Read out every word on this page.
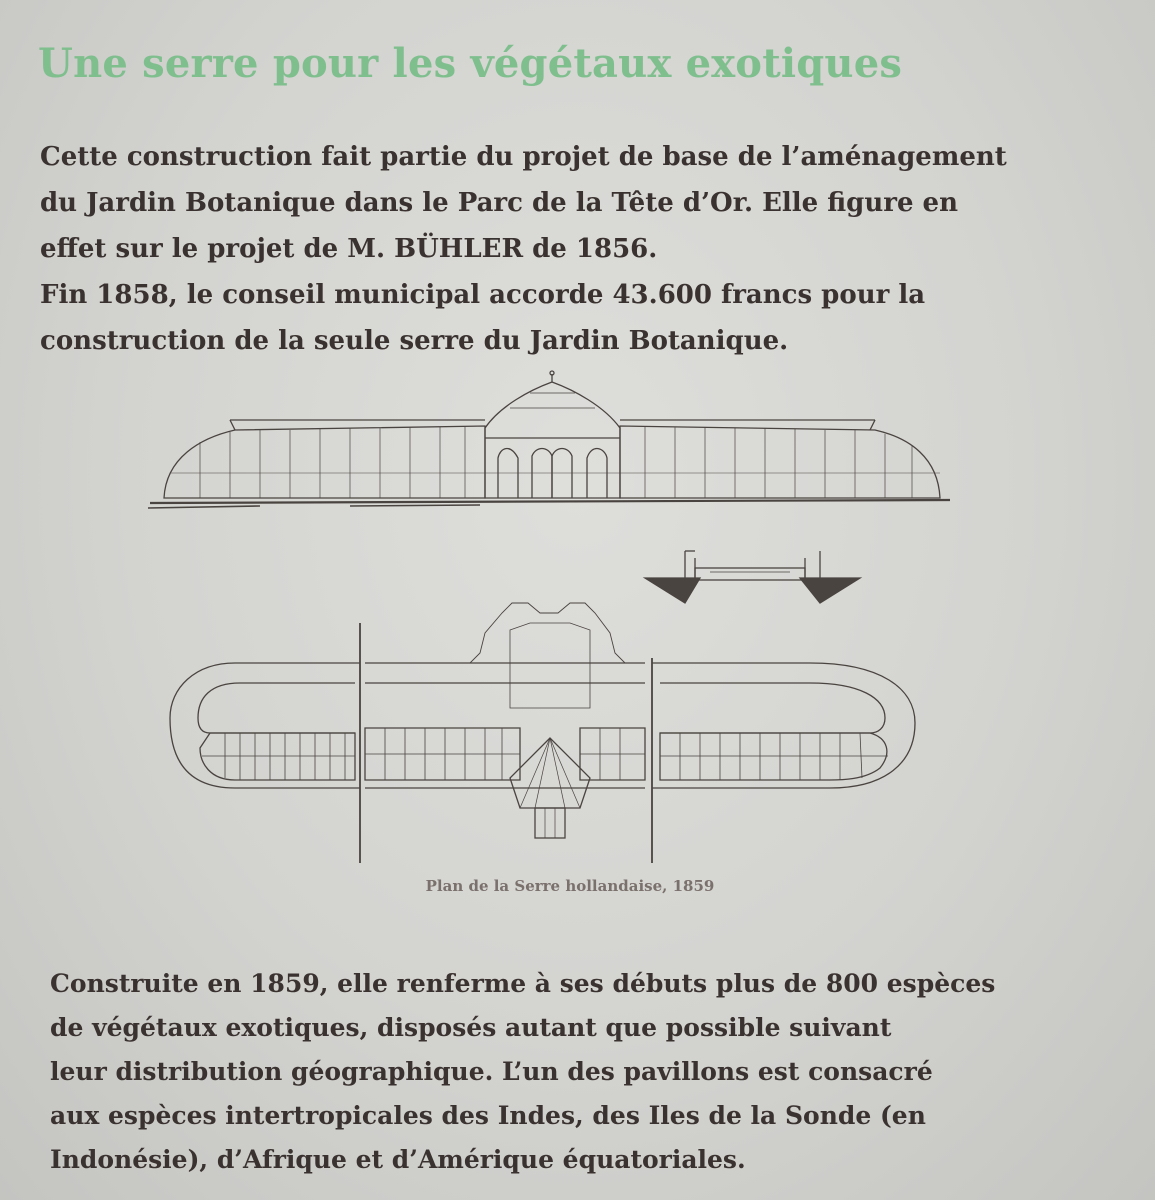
Une serre pour les végétaux exotiques

Cette construction fait partie du projet de base de l’aménagement
du Jardin Botanique dans le Parc de la Tête d’Or. Elle figure en
effet sur le projet de M. BÜHLER de 1856.
Fin 1858, le conseil municipal accorde 43.600 francs pour la
construction de la seule serre du Jardin Botanique.

Plan de la Serre hollandaise, 1859

Construite en 1859, elle renferme à ses débuts plus de 800 espèces
de végétaux exotiques, disposés autant que possible suivant
leur distribution géographique. L’un des pavillons est consacré
aux espèces intertropicales des Indes, des Iles de la Sonde (en
Indonésie), d’Afrique et d’Amérique équatoriales.
